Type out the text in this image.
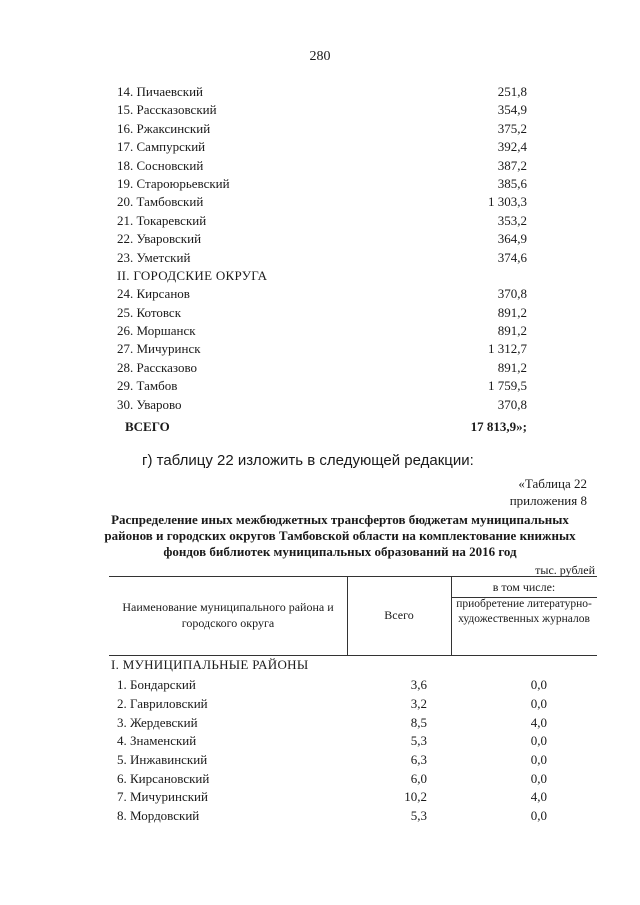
280
14. Пичаевский	251,8
15. Рассказовский	354,9
16. Ржаксинский	375,2
17. Сампурский	392,4
18. Сосновский	387,2
19. Староюрьевский	385,6
20. Тамбовский	1 303,3
21. Токаревский	353,2
22. Уваровский	364,9
23. Уметский	374,6
II. ГОРОДСКИЕ ОКРУГА
24. Кирсанов	370,8
25. Котовск	891,2
26. Моршанск	891,2
27. Мичуринск	1 312,7
28. Рассказово	891,2
29. Тамбов	1 759,5
30. Уварово	370,8
ВСЕГО	17 813,9»;
г) таблицу 22 изложить в следующей редакции:
«Таблица 22
приложения 8
Распределение иных межбюджетных трансфертов бюджетам муниципальных районов и городских округов Тамбовской области на комплектование книжных фондов библиотек муниципальных образований на 2016 год
тыс. рублей
Наименование муниципального района и городского округа
Всего
в том числе:
приобретение литературно-художественных журналов
I. МУНИЦИПАЛЬНЫЕ РАЙОНЫ
1. Бондарский	3,6	0,0
2. Гавриловский	3,2	0,0
3. Жердевский	8,5	4,0
4. Знаменский	5,3	0,0
5. Инжавинский	6,3	0,0
6. Кирсановский	6,0	0,0
7. Мичуринский	10,2	4,0
8. Мордовский	5,3	0,0
